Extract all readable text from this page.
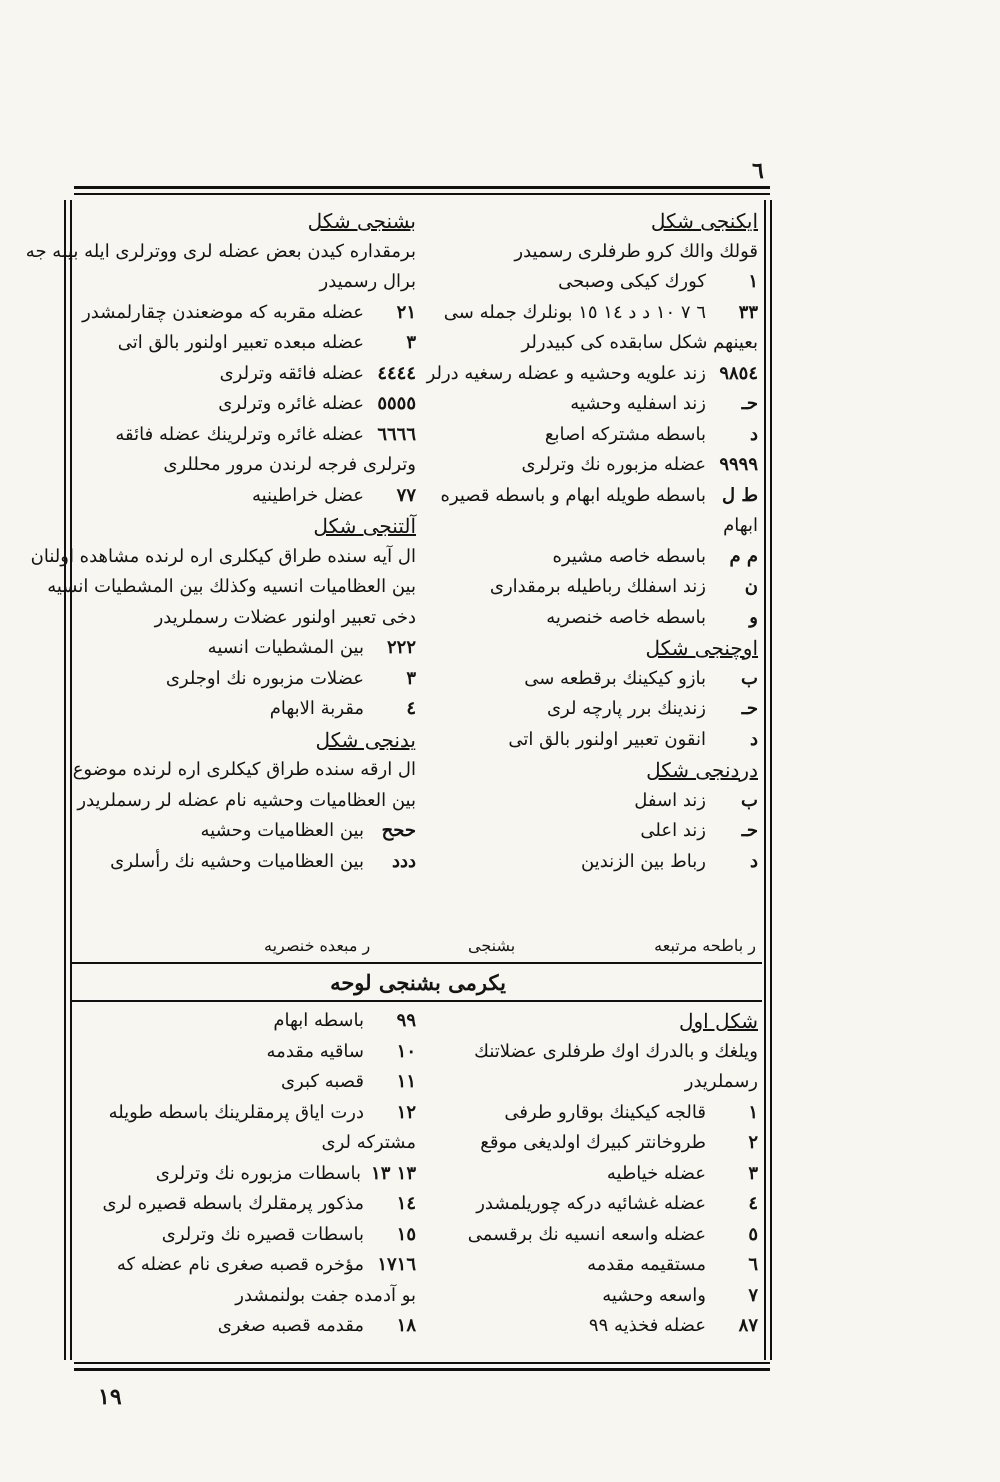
٦
ایکنجی شکل
قولك والك كرو طرفلری رسمیدر
١
كورك كیكی وصبحی
٣٣
٦ ٧ ١٠ د د ١٤ ١٥ بونلرك جمله سی
بعینهم شکل سابقده کی کبیدرلر
٩٨٥٤
زند علویه وحشیه و عضله رسغیه درلر
حـ
زند اسفلیه وحشیه
د
باسطه مشترکه اصابع
٩٩٩٩
عضله مزبوره نك وترلری
ط ل
باسطه طویله ابهام و باسطه قصیره
ابهام
م م
باسطه خاصه مشیره
ن
زند اسفلك رباطیله برمقداری
و
باسطه خاصه خنصریه
اوچنجی شکل
ب
بازو كیكینك برقطعه سی
حـ
زندینك برر پارچه لری
د
انقون تعبیر اولنور بالق اتی
دردنجی شکل
ب
زند اسفل
حـ
زند اعلی
د
رباط بین الزندین
بشنجی شکل
برمقداره کیدن بعض عضله لری ووترلری ایله بیله جه
برال رسمیدر
٢١
عضله مقربه که موضعندن چقارلمشدر
٣
عضله مبعده تعبیر اولنور بالق اتی
٤٤٤٤
عضله فائقه وترلری
٥٥٥٥
عضله غائره وترلری
٦٦٦٦
عضله غائره وترلرینك عضله فائقه
وترلری فرجه لرندن مرور محللری
٧٧
عضل خراطینیه
آلتنجی شکل
ال آیه سنده طراق كیكلری اره لرنده مشاهده اولنان
بین العظامیات انسیه وكذلك بین المشطیات انسیه
دخی تعبیر اولنور عضلات رسملریدر
٢٢٢
بین المشطیات انسیه
٣
عضلات مزبوره نك اوجلری
٤
مقربة الابهام
یدنجی شکل
ال ارقه سنده طراق كیكلری اره لرنده موضوع
بین العظامیات وحشیه نام عضله لر رسملریدر
ححح
بین العظامیات وحشیه
ددد
بین العظامیات وحشیه نك رأسلری
ر باطحه مرتبعه
بشنجی
ر مبعده خنصریه
یکرمی بشنجی لوحه
شکل اول
ویلغك و بالدرك اوك طرفلری عضلاتنك
رسملریدر
١
قالجه كیكینك بوقارو طرفی
٢
طروخانتر كبیرك اولدیغی موقع
٣
عضله خیاطیه
٤
عضله غشائیه درکه چوریلمشدر
٥
عضله واسعه انسیه نك برقسمی
٦
مستقیمه مقدمه
٧
واسعه وحشیه
٨٧
عضله فخذیه ٩٩
٩٩
باسطه ابهام
١٠
ساقیه مقدمه
١١
قصبه كبری
١٢
درت ایاق پرمقلرینك باسطه طویله
مشترکه لری
١٣ ١٣
باسطات مزبوره نك وترلری
١٤
مذکور پرمقلرك باسطه قصیره لری
١٥
باسطات قصیره نك وترلری
١٧١٦
مؤخره قصبه صغری نام عضله که
بو آدمده جفت بولنمشدر
١٨
مقدمه قصبه صغری
١٩
